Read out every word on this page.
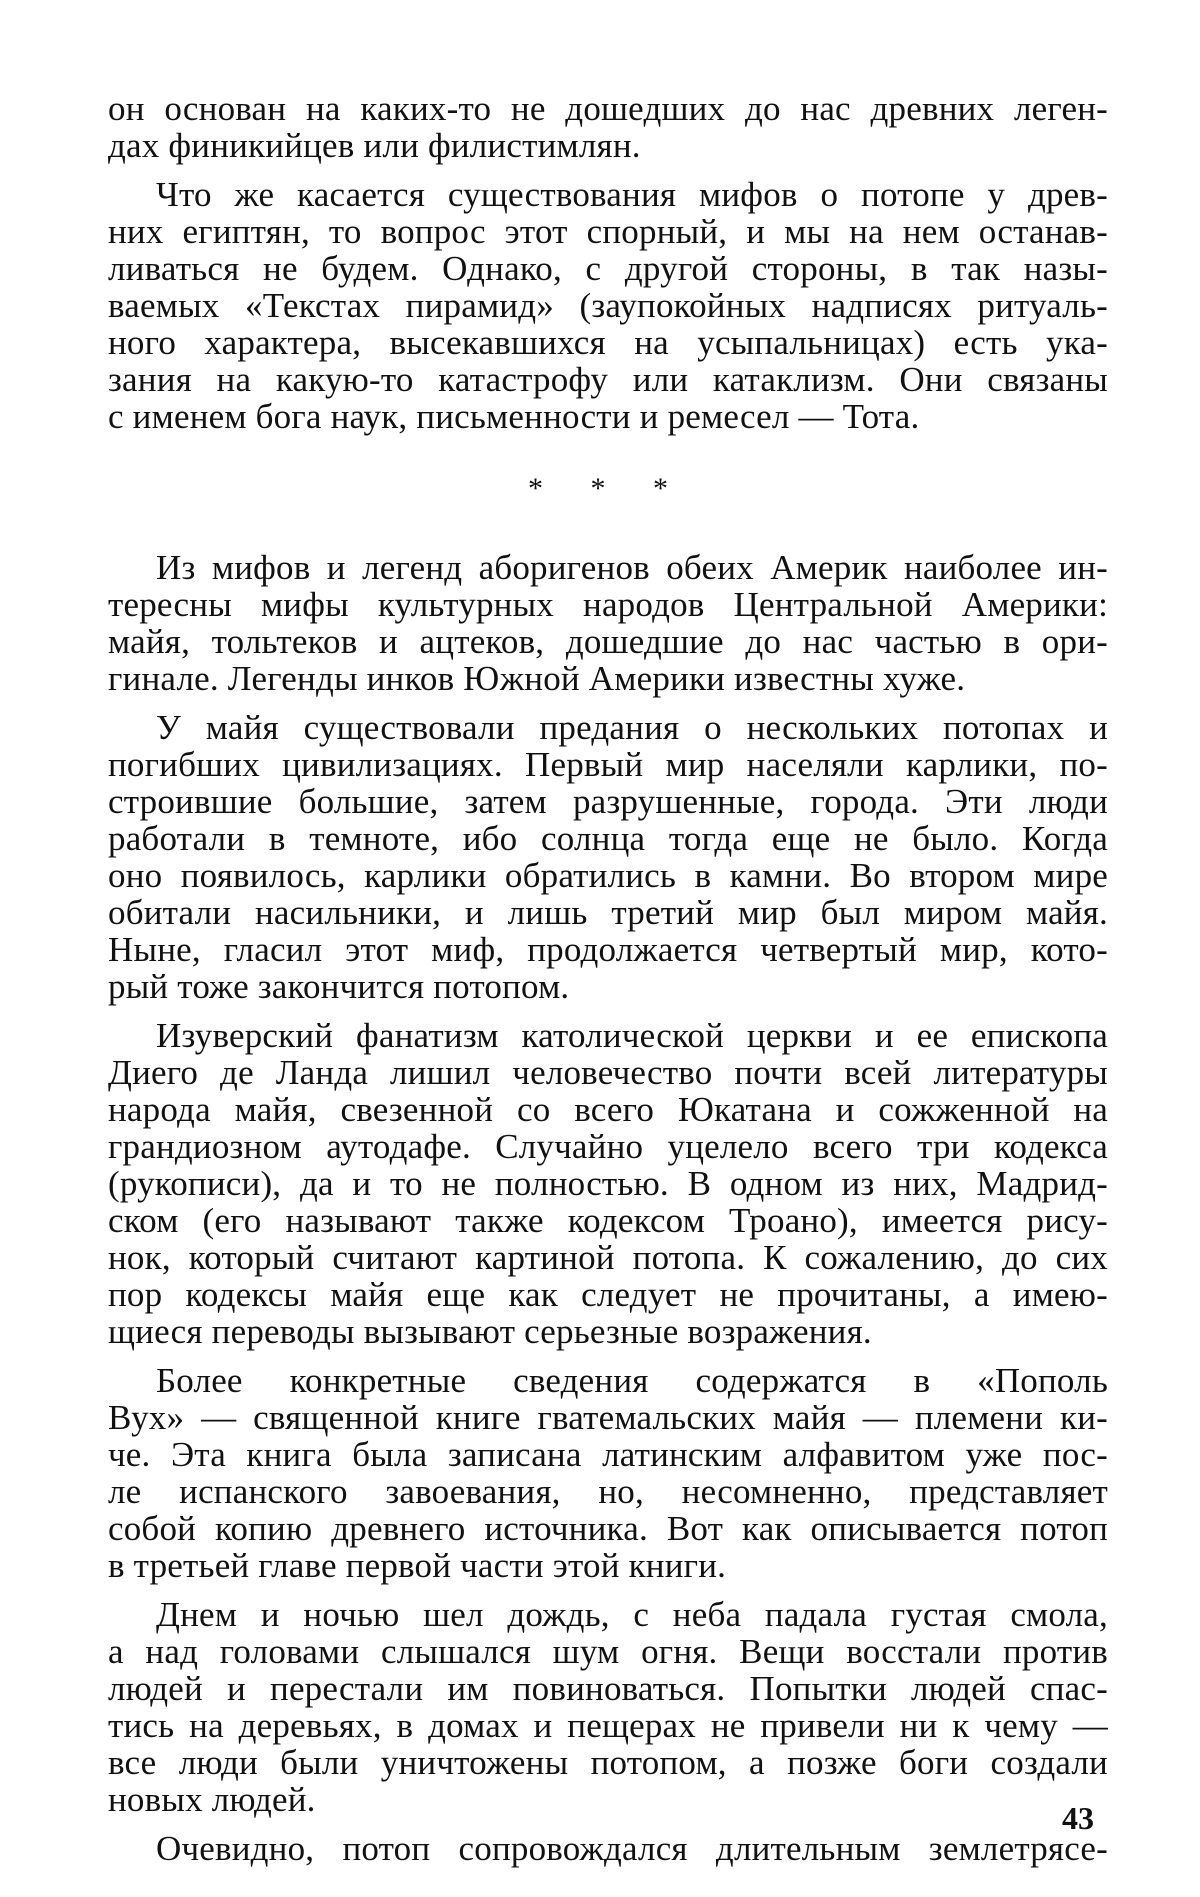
он основан на каких-то не дошедших до нас древних леген-
дах финикийцев или филистимлян.
Что же касается существования мифов о потопе у древ-
них египтян, то вопрос этот спорный, и мы на нем останав-
ливаться не будем. Однако, с другой стороны, в так назы-
ваемых «Текстах пирамид» (заупокойных надписях ритуаль-
ного характера, высекавшихся на усыпальницах) есть ука-
зания на какую-то катастрофу или катаклизм. Они связаны
с именем бога наук, письменности и ремесел — Тота.
* * *
Из мифов и легенд аборигенов обеих Америк наиболее ин-
тересны мифы культурных народов Центральной Америки:
майя, тольтеков и ацтеков, дошедшие до нас частью в ори-
гинале. Легенды инков Южной Америки известны хуже.
У майя существовали предания о нескольких потопах и
погибших цивилизациях. Первый мир населяли карлики, по-
строившие большие, затем разрушенные, города. Эти люди
работали в темноте, ибо солнца тогда еще не было. Когда
оно появилось, карлики обратились в камни. Во втором мире
обитали насильники, и лишь третий мир был миром майя.
Ныне, гласил этот миф, продолжается четвертый мир, кото-
рый тоже закончится потопом.
Изуверский фанатизм католической церкви и ее епископа
Диего де Ланда лишил человечество почти всей литературы
народа майя, свезенной со всего Юкатана и сожженной на
грандиозном аутодафе. Случайно уцелело всего три кодекса
(рукописи), да и то не полностью. В одном из них, Мадрид-
ском (его называют также кодексом Троано), имеется рису-
нок, который считают картиной потопа. К сожалению, до сих
пор кодексы майя еще как следует не прочитаны, а имею-
щиеся переводы вызывают серьезные возражения.
Более конкретные сведения содержатся в «Пополь
Вух» — священной книге гватемальских майя — племени ки-
че. Эта книга была записана латинским алфавитом уже пос-
ле испанского завоевания, но, несомненно, представляет
собой копию древнего источника. Вот как описывается потоп
в третьей главе первой части этой книги.
Днем и ночью шел дождь, с неба падала густая смола,
а над головами слышался шум огня. Вещи восстали против
людей и перестали им повиноваться. Попытки людей спас-
тись на деревьях, в домах и пещерах не привели ни к чему —
все люди были уничтожены потопом, а позже боги создали
новых людей.
Очевидно, потоп сопровождался длительным землетрясе-
43
